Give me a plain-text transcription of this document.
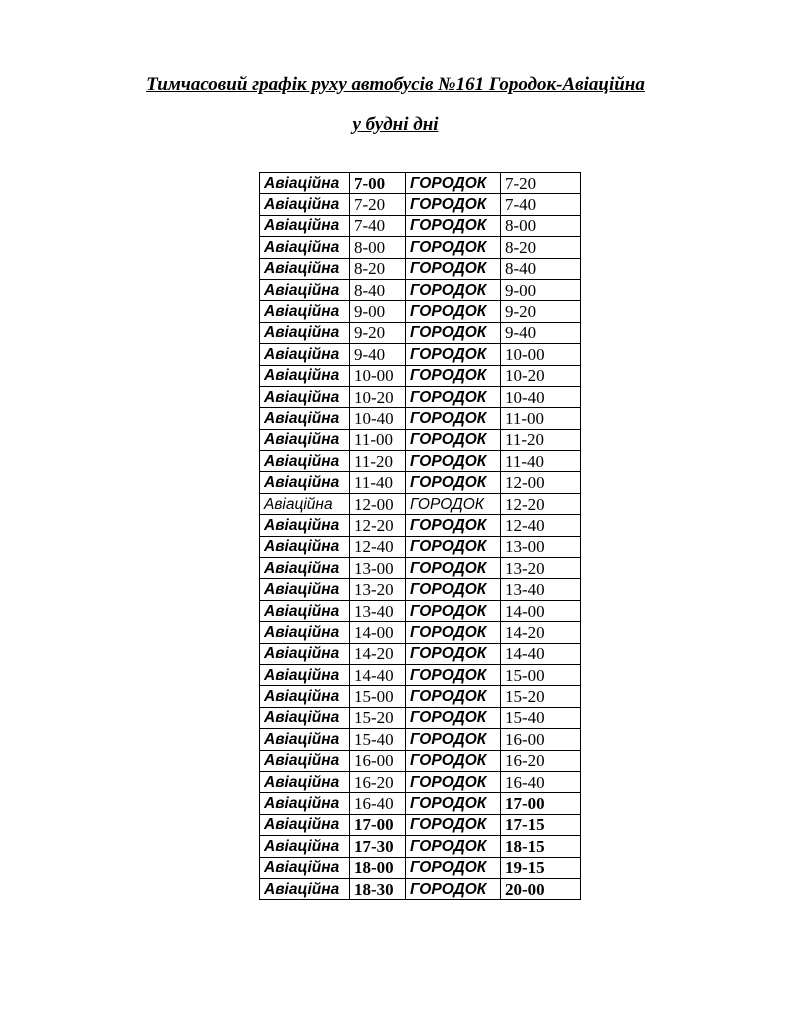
Тимчасовий графік руху автобусів №161 Городок-Авіаційна
у будні дні
Авіаційна	7-00	ГОРОДОК	7-20
Авіаційна	7-20	ГОРОДОК	7-40
Авіаційна	7-40	ГОРОДОК	8-00
Авіаційна	8-00	ГОРОДОК	8-20
Авіаційна	8-20	ГОРОДОК	8-40
Авіаційна	8-40	ГОРОДОК	9-00
Авіаційна	9-00	ГОРОДОК	9-20
Авіаційна	9-20	ГОРОДОК	9-40
Авіаційна	9-40	ГОРОДОК	10-00
Авіаційна	10-00	ГОРОДОК	10-20
Авіаційна	10-20	ГОРОДОК	10-40
Авіаційна	10-40	ГОРОДОК	11-00
Авіаційна	11-00	ГОРОДОК	11-20
Авіаційна	11-20	ГОРОДОК	11-40
Авіаційна	11-40	ГОРОДОК	12-00
Авіаційна	12-00	ГОРОДОК	12-20
Авіаційна	12-20	ГОРОДОК	12-40
Авіаційна	12-40	ГОРОДОК	13-00
Авіаційна	13-00	ГОРОДОК	13-20
Авіаційна	13-20	ГОРОДОК	13-40
Авіаційна	13-40	ГОРОДОК	14-00
Авіаційна	14-00	ГОРОДОК	14-20
Авіаційна	14-20	ГОРОДОК	14-40
Авіаційна	14-40	ГОРОДОК	15-00
Авіаційна	15-00	ГОРОДОК	15-20
Авіаційна	15-20	ГОРОДОК	15-40
Авіаційна	15-40	ГОРОДОК	16-00
Авіаційна	16-00	ГОРОДОК	16-20
Авіаційна	16-20	ГОРОДОК	16-40
Авіаційна	16-40	ГОРОДОК	17-00
Авіаційна	17-00	ГОРОДОК	17-15
Авіаційна	17-30	ГОРОДОК	18-15
Авіаційна	18-00	ГОРОДОК	19-15
Авіаційна	18-30	ГОРОДОК	20-00
